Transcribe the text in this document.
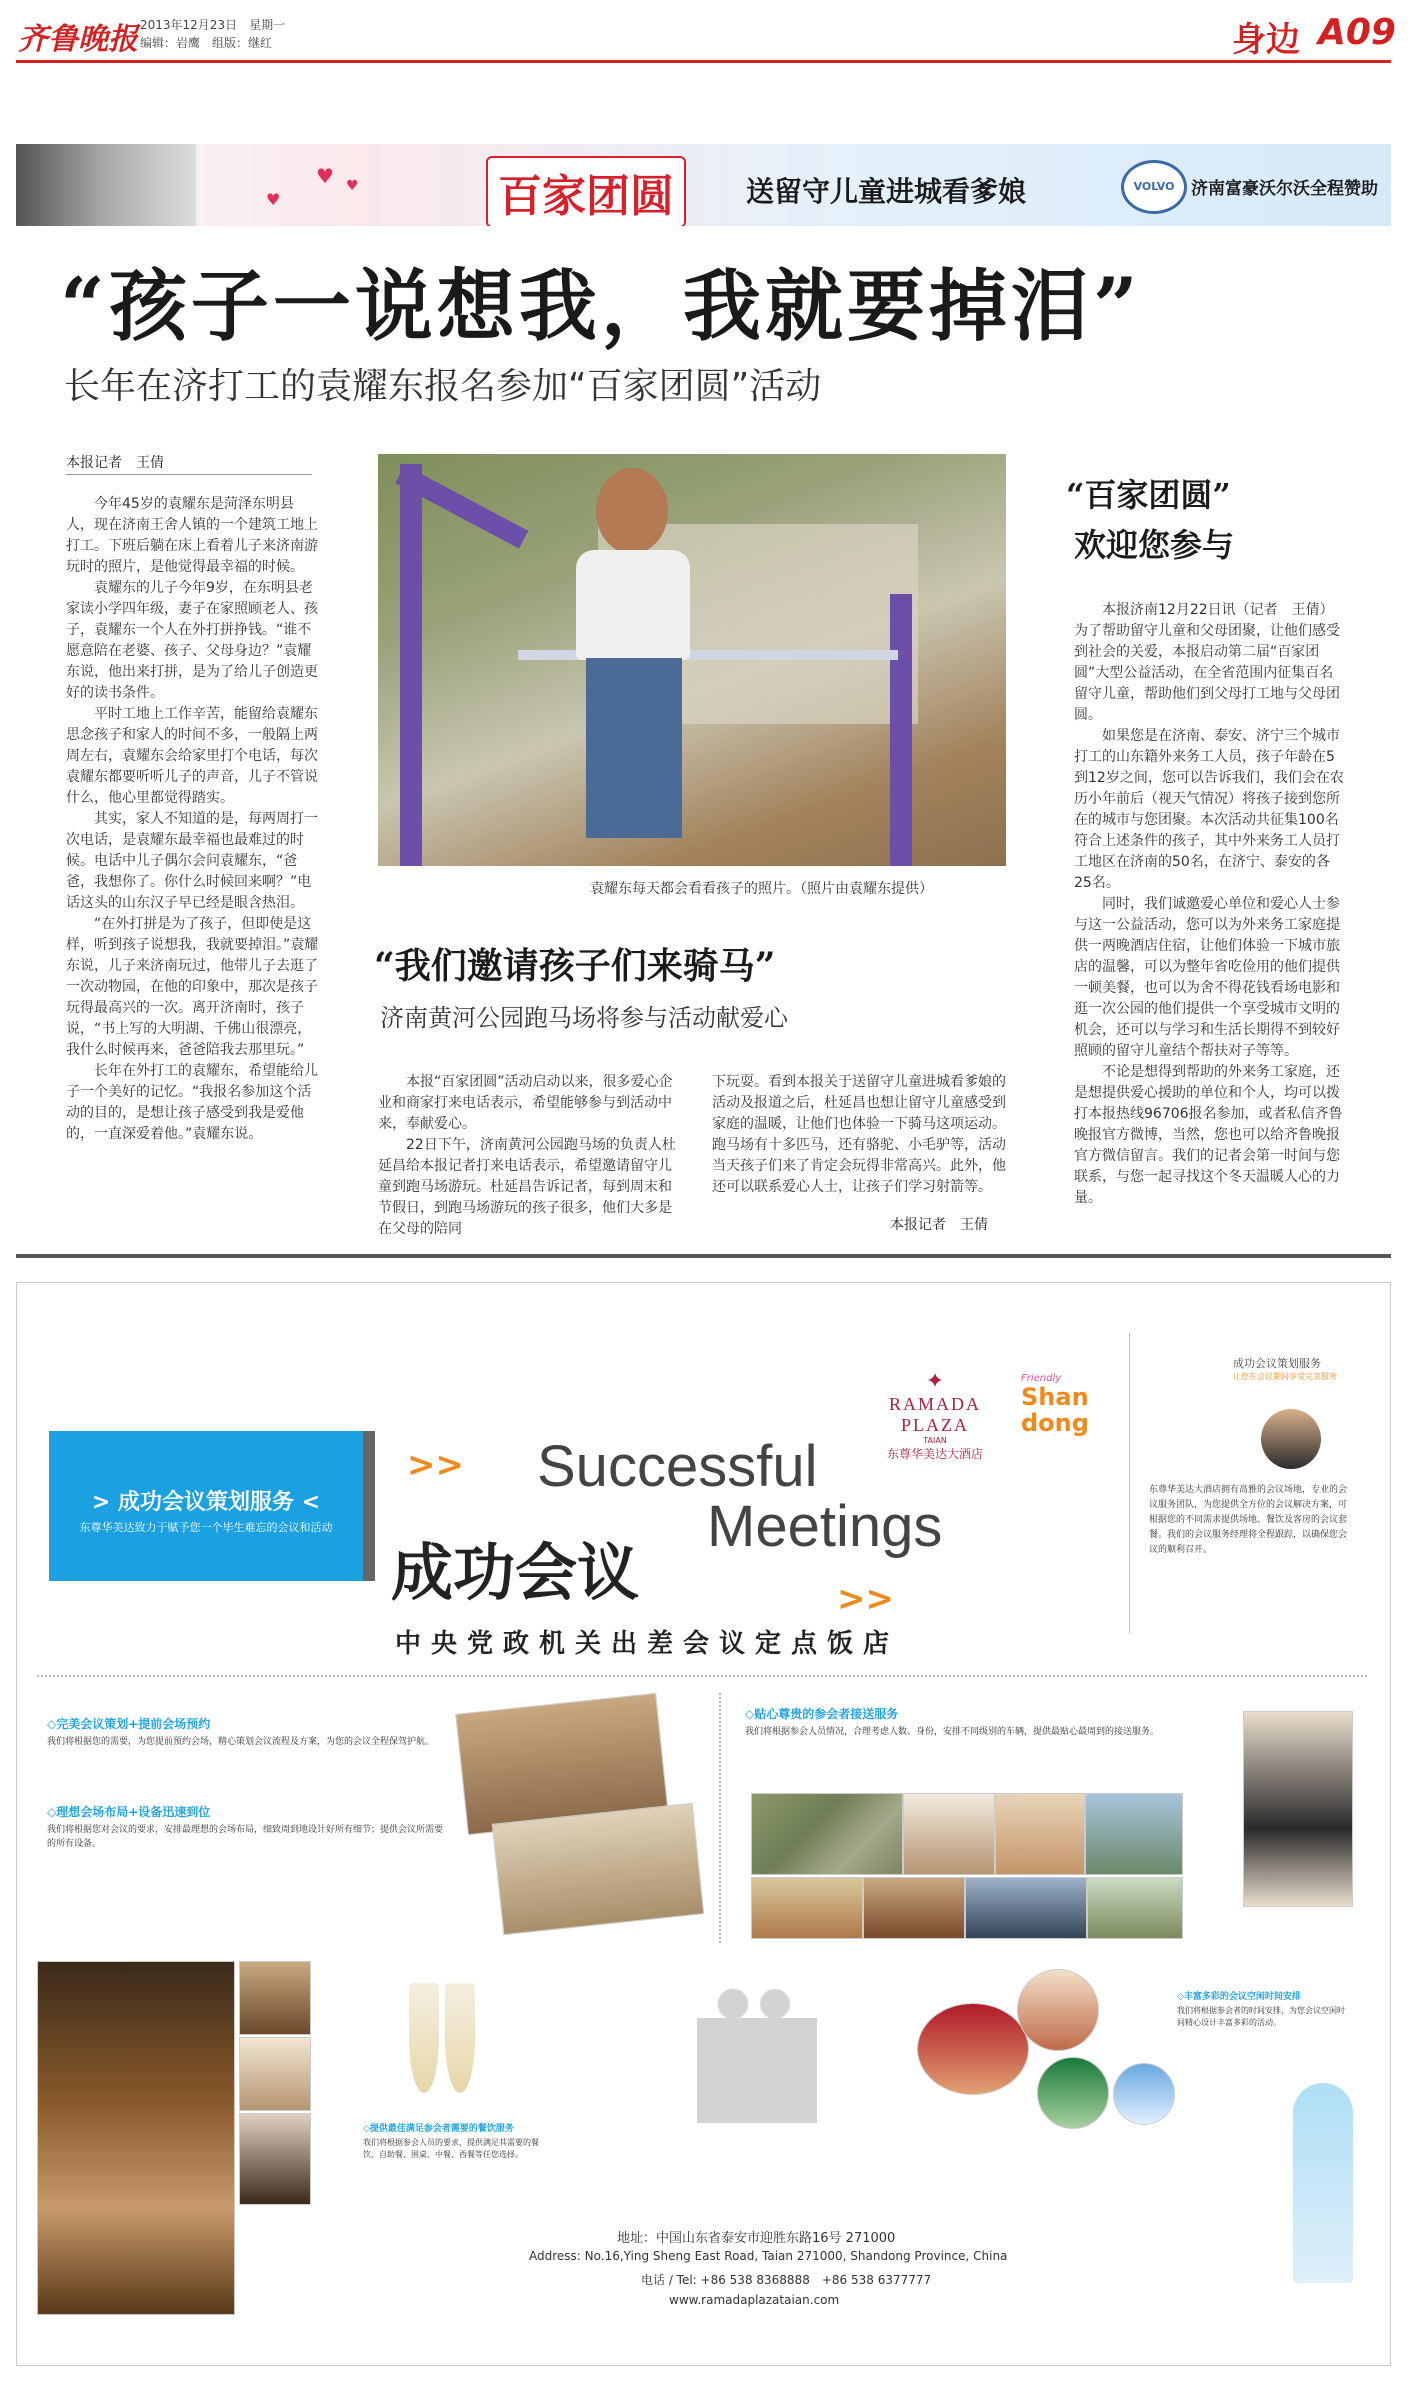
齐鲁晚报 2013年12月23日　星期一
编辑：岩鹰　组版：继红	身边 A09
♥ ♥
♥	百家团圆	送留守儿童进城看爹娘	VOLVO 济南富豪沃尔沃全程赞助
“孩子一说想我，我就要掉泪”
长年在济打工的袁耀东报名参加“百家团圆”活动
本报记者　王倩

今年45岁的袁耀东是菏泽东明县人，现在济南王舍人镇的一个建筑工地上打工。下班后躺在床上看着儿子来济南游玩时的照片，是他觉得最幸福的时候。

袁耀东的儿子今年9岁，在东明县老家读小学四年级，妻子在家照顾老人、孩子，袁耀东一个人在外打拼挣钱。“谁不愿意陪在老婆、孩子、父母身边？”袁耀东说，他出来打拼，是为了给儿子创造更好的读书条件。

平时工地上工作辛苦，能留给袁耀东思念孩子和家人的时间不多，一般隔上两周左右，袁耀东会给家里打个电话，每次袁耀东都要听听儿子的声音，儿子不管说什么，他心里都觉得踏实。

其实，家人不知道的是，每两周打一次电话，是袁耀东最幸福也最难过的时候。电话中儿子偶尔会问袁耀东，“爸爸，我想你了。你什么时候回来啊？”电话这头的山东汉子早已经是眼含热泪。

“在外打拼是为了孩子，但即使是这样，听到孩子说想我，我就要掉泪。”袁耀东说，儿子来济南玩过，他带儿子去逛了一次动物园，在他的印象中，那次是孩子玩得最高兴的一次。离开济南时，孩子说，“书上写的大明湖、千佛山很漂亮，我什么时候再来，爸爸陪我去那里玩。”

长年在外打工的袁耀东，希望能给儿子一个美好的记忆。“我报名参加这个活动的目的，是想让孩子感受到我是爱他的，一直深爱着他。”袁耀东说。

袁耀东每天都会看看孩子的照片。（照片由袁耀东提供）
“我们邀请孩子们来骑马”
济南黄河公园跑马场将参与活动献爱心

本报“百家团圆”活动启动以来，很多爱心企业和商家打来电话表示，希望能够参与到活动中来，奉献爱心。

22日下午，济南黄河公园跑马场的负责人杜延昌给本报记者打来电话表示，希望邀请留守儿童到跑马场游玩。杜延昌告诉记者，每到周末和节假日，到跑马场游玩的孩子很多，他们大多是在父母的陪同

下玩耍。看到本报关于送留守儿童进城看爹娘的活动及报道之后，杜延昌也想让留守儿童感受到家庭的温暖，让他们也体验一下骑马这项运动。跑马场有十多匹马，还有骆驼、小毛驴等，活动当天孩子们来了肯定会玩得非常高兴。此外，他还可以联系爱心人士，让孩子们学习射箭等。

本报记者　王倩
“百家团圆”
欢迎您参与

本报济南12月22日讯（记者　王倩）为了帮助留守儿童和父母团聚，让他们感受到社会的关爱，本报启动第二届“百家团圆”大型公益活动，在全省范围内征集百名留守儿童，帮助他们到父母打工地与父母团圆。

如果您是在济南、泰安、济宁三个城市打工的山东籍外来务工人员，孩子年龄在5到12岁之间，您可以告诉我们，我们会在农历小年前后（视天气情况）将孩子接到您所在的城市与您团聚。本次活动共征集100名符合上述条件的孩子，其中外来务工人员打工地区在济南的50名，在济宁、泰安的各25名。

同时，我们诚邀爱心单位和爱心人士参与这一公益活动，您可以为外来务工家庭提供一两晚酒店住宿，让他们体验一下城市旅店的温馨，可以为整年省吃俭用的他们提供一顿美餐，也可以为舍不得花钱看场电影和逛一次公园的他们提供一个享受城市文明的机会，还可以与学习和生活长期得不到较好照顾的留守儿童结个帮扶对子等等。

不论是想得到帮助的外来务工家庭，还是想提供爱心援助的单位和个人，均可以拨打本报热线96706报名参加，或者私信齐鲁晚报官方微博，当然，您也可以给齐鲁晚报官方微信留言。我们的记者会第一时间与您联系，与您一起寻找这个冬天温暖人心的力量。

> 成功会议策划服务 <
东尊华美达致力于赋予您一个毕生难忘的会议和活动
>>
>>
Successful
Meetings
成功会议
中央党政机关出差会议定点饭店
✦
RAMADA
PLAZA
TAIAN
东尊华美达大酒店
Friendly
Shan dong
成功会议策划服务
让您在会议期间享受完美服务
东尊华美达大酒店拥有高雅的会议场地，专业的会议服务团队，为您提供全方位的会议解决方案，可根据您的不同需求提供场地、餐饮及客房的会议套餐。我们的会议服务经理将全程跟踪，以确保您会议的顺利召开。
◇完美会议策划+提前会场预约
我们将根据您的需要，为您提前预约会场，精心策划会议流程及方案，为您的会议全程保驾护航。
◇理想会场布局+设备迅速到位
我们将根据您对会议的要求，安排最理想的会场布局，细致周到地设计好所有细节；提供会议所需要的所有设备。
◇贴心尊贵的参会者接送服务
我们将根据参会人员情况，合理考虑人数、身份，安排不同级别的车辆，提供最贴心最周到的接送服务。
◇提供最佳满足参会者需要的餐饮服务
我们将根据参会人员的要求，提供满足其需要的餐饮，自助餐、围桌、中餐、西餐等任您选择。
◇丰富多彩的会议空闲时间安排
我们将根据参会者的时间安排，为您会议空闲时间精心设计丰富多彩的活动。
地址：中国山东省泰安市迎胜东路16号 271000
Address: No.16,Ying Sheng East Road, Taian 271000, Shandong Province, China
电话 / Tel: +86 538 8368888　+86 538 6377777
www.ramadaplazataian.com
